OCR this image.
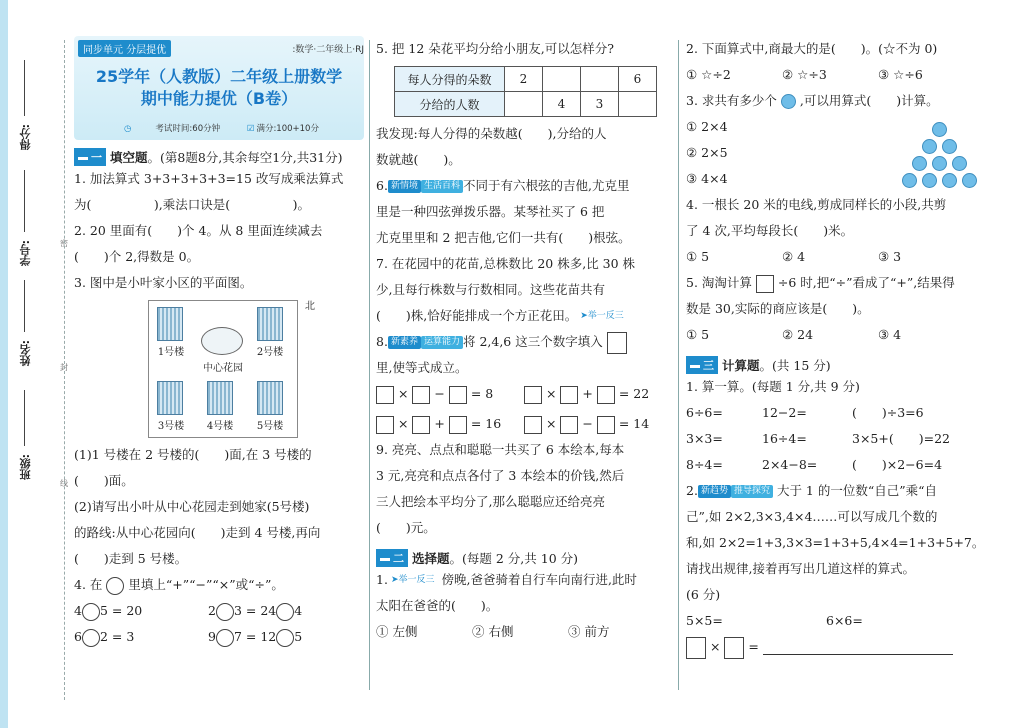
得分:
学号:
姓名:
班级:
密
封
线
同步单元 分层提优	:数学·二年级上·RJ
25学年（人教版）二年级上册数学
期中能力提优（B卷）
◷	考试时间:60分钟	☑ 满分:100+10分
一 填空题 。(第8题8分,其余每空1分,共31分)
1. 加法算式 3+3+3+3+3=15 改写成乘法算式
为(　　　　　),乘法口诀是(　　　　　)。
2. 20 里面有(　　)个 4。从 8 里面连续减去
(　　)个 2,得数是 0。
3. 图中是小叶家小区的平面图。
北
1号楼	2号楼
中心花园
3号楼	4号楼	5号楼
(1)1 号楼在 2 号楼的(　　)面,在 3 号楼的
(　　)面。
(2)请写出小叶从中心花园走到她家(5号楼)
的路线:从中心花园向(　　)走到 4 号楼,再向
(　　)走到 5 号楼。
4. 在 里填上“+”“−”“×”或“÷”。
4 5 = 20	2 3 = 24 4
6 2 = 3	9 7 = 12 5
5. 把 12 朵花平均分给小朋友,可以怎样分?
每人分得的朵数	2			6
分给的人数		4	3	
我发现:每人分得的朵数越(　　),分给的人
数就越(　　)。
6. 新情境 生活百科 不同于有六根弦的吉他,尤克里
里是一种四弦弹拨乐器。某琴社买了 6 把
尤克里里和 2 把吉他,它们一共有(　　)根弦。
7. 在花园中的花苗,总株数比 20 株多,比 30 株
少,且每行株数与行数相同。这些花苗共有
(　　)株,恰好能排成一个方正花田。 ➤举一反三
8. 新素养 运算能力 将 2,4,6 这三个数字填入
里,使等式成立。
×  −  = 8	×  +  = 22
×  +  = 16	×  −  = 14
9. 亮亮、点点和聪聪一共买了 6 本绘本,每本
3 元,亮亮和点点各付了 3 本绘本的价钱,然后
三人把绘本平均分了,那么聪聪应还给亮亮
(　　)元。
二 选择题 。(每题 2 分,共 10 分)
1. ➤举一反三 傍晚,爸爸骑着自行车向南行进,此时
太阳在爸爸的(　　)。
① 左侧	② 右侧	③ 前方
2. 下面算式中,商最大的是(　　)。(☆不为 0)
① ☆÷2	② ☆÷3	③ ☆÷6
3. 求共有多少个 ,可以用算式(　　)计算。
① 2×4
② 2×5
③ 4×4
4. 一根长 20 米的电线,剪成同样长的小段,共剪
了 4 次,平均每段长(　　)米。
① 5	② 4	③ 3
5. 淘淘计算 ÷6 时,把“÷”看成了“+”,结果得
数是 30,实际的商应该是(　　)。
① 5	② 24	③ 4
三 计算题 。(共 15 分)
1. 算一算。(每题 1 分,共 9 分)
6÷6=	12−2=	(　　)÷3=6
3×3=	16÷4=	3×5+(　　)=22
8÷4=	2×4−8=	(　　)×2−6=4
2. 新趋势 推导探究 大于 1 的一位数“自己”乘“自
己”,如 2×2,3×3,4×4……可以写成几个数的
和,如 2×2=1+3,3×3=1+3+5,4×4=1+3+5+7。
请找出规律,接着再写出几道这样的算式。
(6 分)
5×5=	6×6=
×  =
